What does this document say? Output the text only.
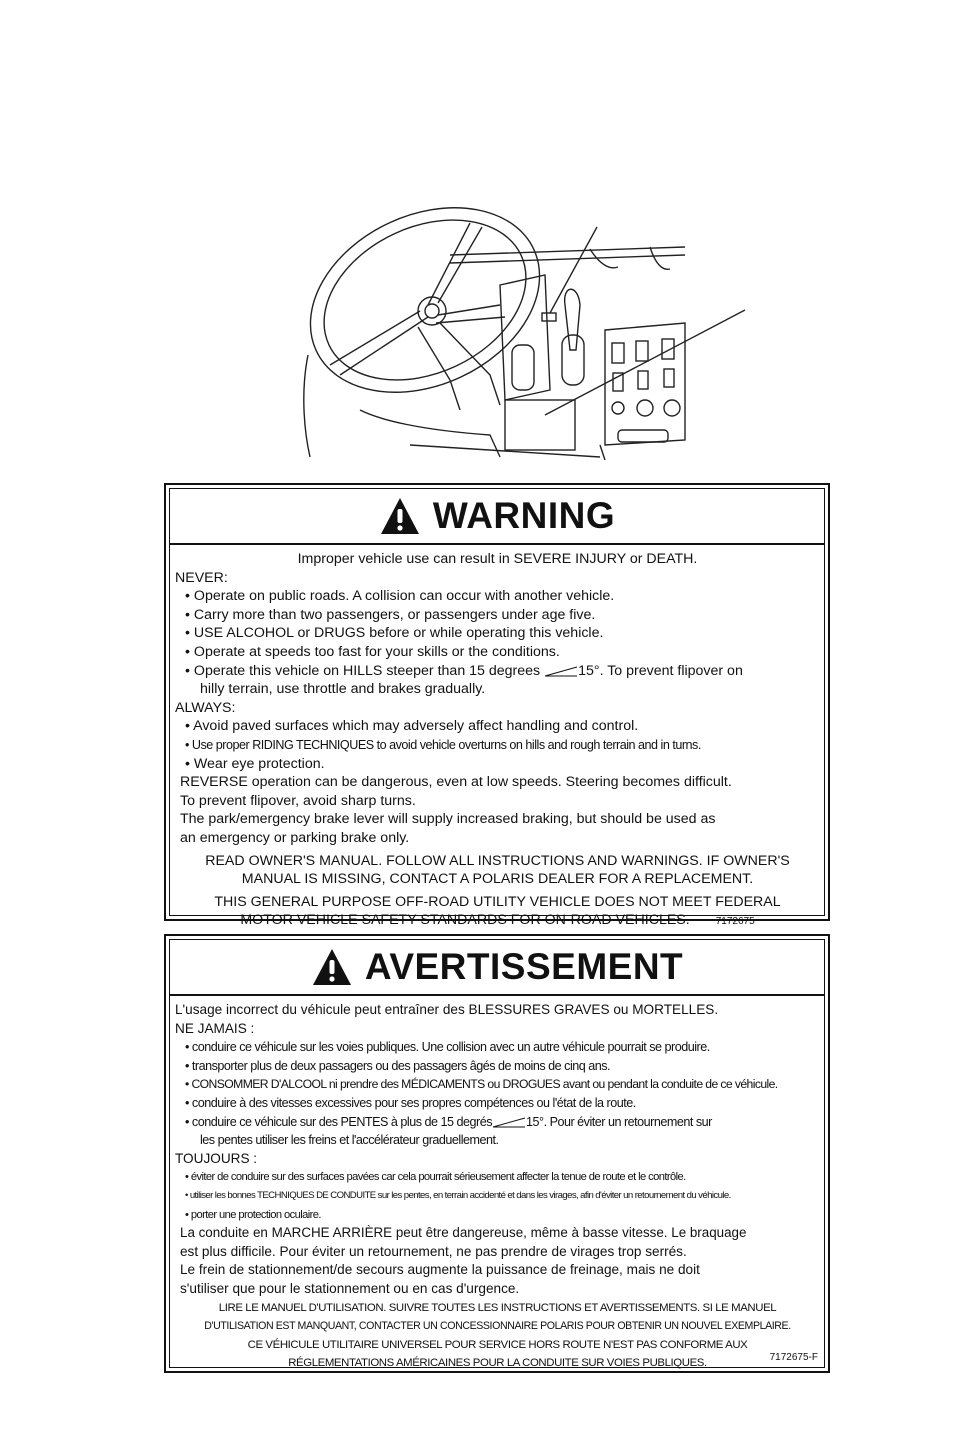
WARNING
Improper vehicle use can result in SEVERE INJURY or DEATH.
NEVER:
• Operate on public roads. A collision can occur with another vehicle.
• Carry more than two passengers, or passengers under age five.
• USE ALCOHOL or DRUGS before or while operating this vehicle.
• Operate at speeds too fast for your skills or the conditions.
• Operate this vehicle on HILLS steeper than 15 degrees	15°. To prevent flipover on
hilly terrain, use throttle and brakes gradually.
ALWAYS:
• Avoid paved surfaces which may adversely affect handling and control.
• Use proper RIDING TECHNIQUES to avoid vehicle overturns on hills and rough terrain and in turns.
• Wear eye protection.
REVERSE operation can be dangerous, even at low speeds. Steering becomes difficult.
To prevent flipover, avoid sharp turns.
The park/emergency brake lever will supply increased braking, but should be used as
an emergency or parking brake only.
READ OWNER'S MANUAL. FOLLOW ALL INSTRUCTIONS AND WARNINGS. IF OWNER'S
MANUAL IS MISSING, CONTACT A POLARIS DEALER FOR A REPLACEMENT.
THIS GENERAL PURPOSE OFF-ROAD UTILITY VEHICLE DOES NOT MEET FEDERAL
MOTOR VEHICLE SAFETY STANDARDS FOR ON-ROAD VEHICLES.	7172675
AVERTISSEMENT
L'usage incorrect du véhicule peut entraîner des BLESSURES GRAVES ou MORTELLES.
NE JAMAIS :
• conduire ce véhicule sur les voies publiques. Une collision avec un autre véhicule pourrait se produire.
• transporter plus de deux passagers ou des passagers âgés de moins de cinq ans.
• CONSOMMER D'ALCOOL ni prendre des MÉDICAMENTS ou DROGUES avant ou pendant la conduite de ce véhicule.
• conduire à des vitesses excessives pour ses propres compétences ou l'état de la route.
• conduire ce véhicule sur des PENTES à plus de 15 degrés	15°. Pour éviter un retournement sur
les pentes utiliser les freins et l'accélérateur graduellement.
TOUJOURS :
• éviter de conduire sur des surfaces pavées car cela pourrait sérieusement affecter la tenue de route et le contrôle.
• utiliser les bonnes TECHNIQUES DE CONDUITE sur les pentes, en terrain accidenté et dans les virages, afin d'éviter un retournement du véhicule.
• porter une protection oculaire.
La conduite en MARCHE ARRIÈRE peut être dangereuse, même à basse vitesse. Le braquage
est plus difficile. Pour éviter un retournement, ne pas prendre de virages trop serrés.
Le frein de stationnement/de secours augmente la puissance de freinage, mais ne doit
s'utiliser que pour le stationnement ou en cas d'urgence.
LIRE LE MANUEL D'UTILISATION. SUIVRE TOUTES LES INSTRUCTIONS ET AVERTISSEMENTS. SI LE MANUEL
D'UTILISATION EST MANQUANT, CONTACTER UN CONCESSIONNAIRE POLARIS POUR OBTENIR UN NOUVEL EXEMPLAIRE.
CE VÉHICULE UTILITAIRE UNIVERSEL POUR SERVICE HORS ROUTE N'EST PAS CONFORME AUX
RÉGLEMENTATIONS AMÉRICAINES POUR LA CONDUITE SUR VOIES PUBLIQUES.	7172675-F
